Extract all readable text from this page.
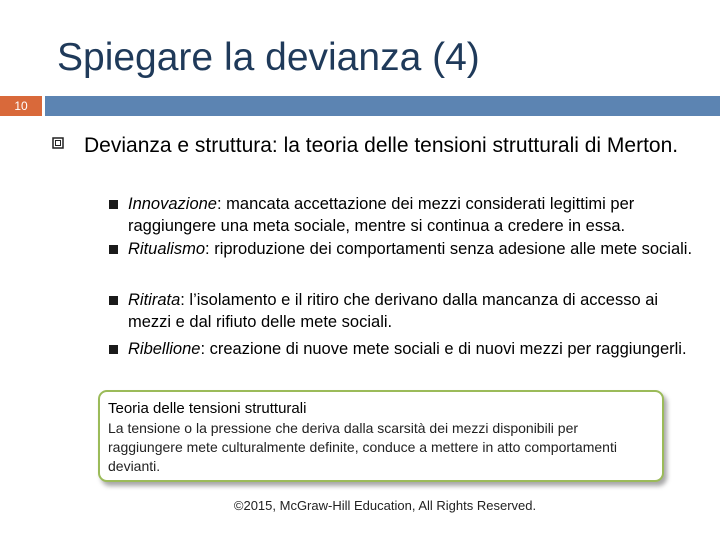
Spiegare la devianza (4)
10

Devianza e struttura: la teoria delle tensioni strutturali di Merton.

Innovazione: mancata accettazione dei mezzi considerati legittimi per raggiungere una meta sociale, mentre si continua a credere in essa.

Ritualismo: riproduzione dei comportamenti senza adesione alle mete sociali.

Ritirata: l’isolamento e il ritiro che derivano dalla mancanza di accesso ai mezzi e dal rifiuto delle mete sociali.

Ribellione: creazione di nuove mete sociali e di nuovi mezzi per raggiungerli.

Teoria delle tensioni strutturali

La tensione o la pressione che deriva dalla scarsità dei mezzi disponibili per raggiungere mete culturalmente definite, conduce a mettere in atto comportamenti devianti.

©2015, McGraw-Hill Education, All Rights Reserved.
